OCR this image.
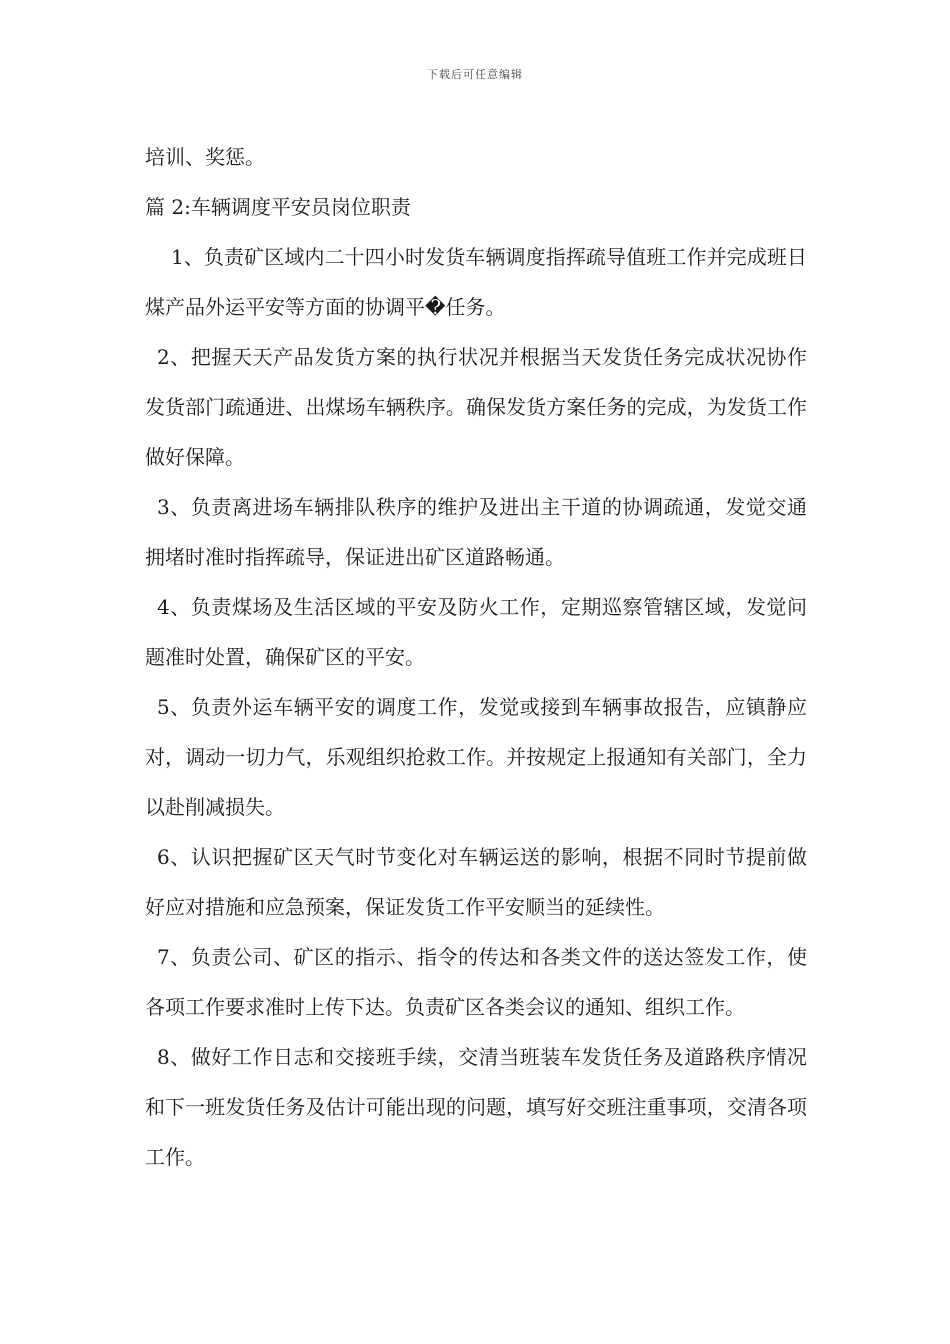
下载后可任意编辑

培训、奖惩。

篇 2:车辆调度平安员岗位职责

1、负责矿区域内二十四小时发货车辆调度指挥疏导值班工作并完成班日煤产品外运平安等方面的协调平�任务。

2、把握天天产品发货方案的执行状况并根据当天发货任务完成状况协作发货部门疏通进、出煤场车辆秩序。确保发货方案任务的完成，为发货工作做好保障。

3、负责离进场车辆排队秩序的维护及进出主干道的协调疏通，发觉交通拥堵时准时指挥疏导，保证进出矿区道路畅通。

4、负责煤场及生活区域的平安及防火工作，定期巡察管辖区域，发觉问题准时处置，确保矿区的平安。

5、负责外运车辆平安的调度工作，发觉或接到车辆事故报告，应镇静应对，调动一切力气，乐观组织抢救工作。并按规定上报通知有关部门，全力以赴削减损失。

6、认识把握矿区天气时节变化对车辆运送的影响，根据不同时节提前做好应对措施和应急预案，保证发货工作平安顺当的延续性。

7、负责公司、矿区的指示、指令的传达和各类文件的送达签发工作，使各项工作要求准时上传下达。负责矿区各类会议的通知、组织工作。

8、做好工作日志和交接班手续，交清当班装车发货任务及道路秩序情况和下一班发货任务及估计可能出现的问题，填写好交班注重事项，交清各项工作。
